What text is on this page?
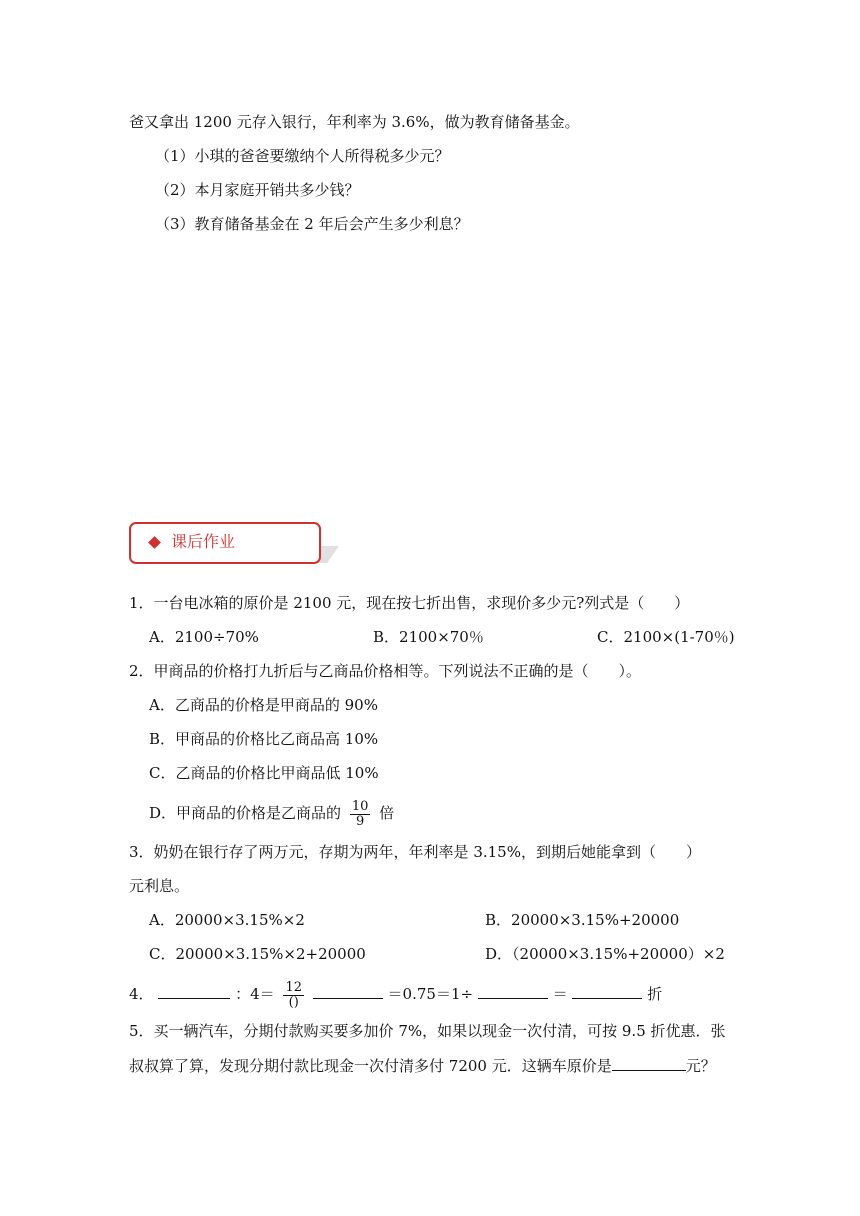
爸又拿出 1200 元存入银行，年利率为 3.6%，做为教育储备基金。
（1）小琪的爸爸要缴纳个人所得税多少元？
（2）本月家庭开销共多少钱？
（3）教育储备基金在 2 年后会产生多少利息？
课后作业
1．一台电冰箱的原价是 2100 元，现在按七折出售，求现价多少元?列式是（　　）
A．2100÷70%	B．2100×70％	C．2100×(1-70％)
2．甲商品的价格打九折后与乙商品价格相等。下列说法不正确的是（　　）。
A．乙商品的价格是甲商品的 90%
B．甲商品的价格比乙商品高 10%
C．乙商品的价格比甲商品低 10%
D．甲商品的价格是乙商品的 $\frac{10}{9}$ 倍
3．奶奶在银行存了两万元，存期为两年，年利率是 3.15%，到期后她能拿到（　　）
元利息。
A．20000×3.15%×2	B．20000×3.15%+20000
C．20000×3.15%×2+20000	D．（20000×3.15%+20000）×2
4．	：$4= \frac{12}{()}$	＝0.75＝1÷	＝	折
5．买一辆汽车，分期付款购买要多加价 7%，如果以现金一次付清，可按 9.5 折优惠．张
叔叔算了算，发现分期付款比现金一次付清多付 7200 元．这辆车原价是	元？
